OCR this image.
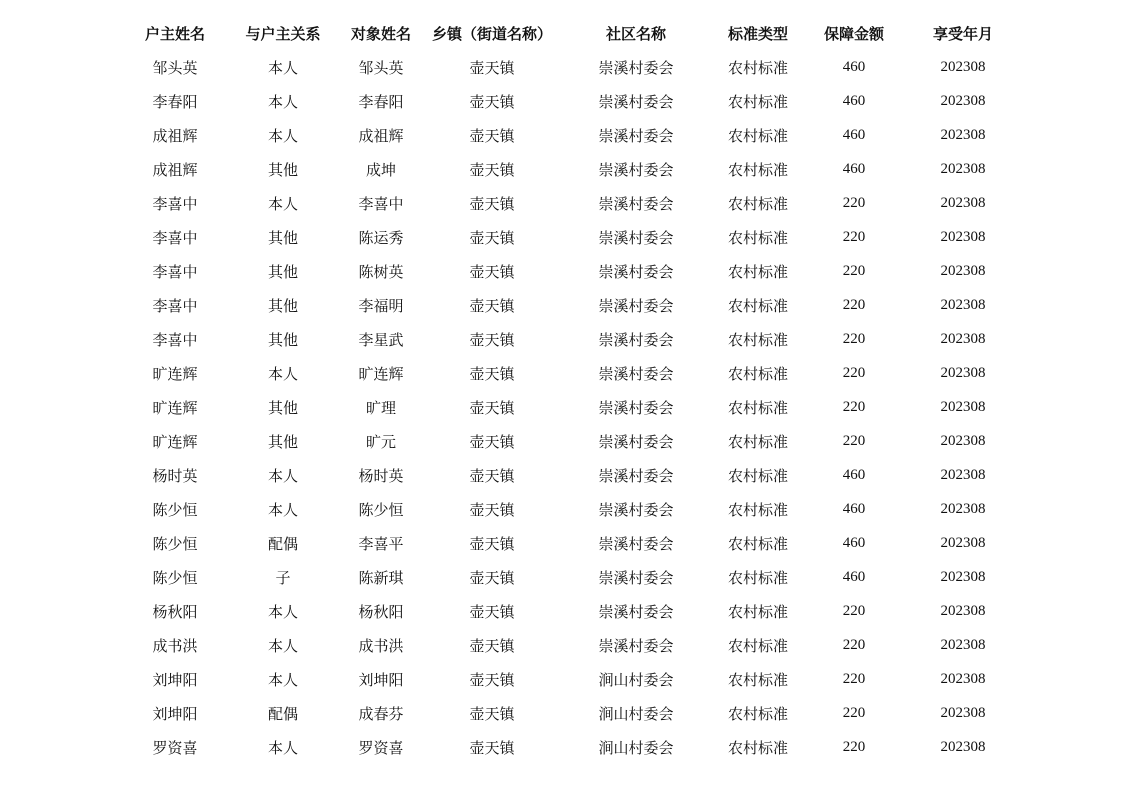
户主姓名	与户主关系	对象姓名	乡镇（街道名称）	社区名称	标准类型	保障金额	享受年月
邹头英	本人	邹头英	壶天镇	崇溪村委会	农村标准	460	202308
李春阳	本人	李春阳	壶天镇	崇溪村委会	农村标准	460	202308
成祖辉	本人	成祖辉	壶天镇	崇溪村委会	农村标准	460	202308
成祖辉	其他	成坤	壶天镇	崇溪村委会	农村标准	460	202308
李喜中	本人	李喜中	壶天镇	崇溪村委会	农村标准	220	202308
李喜中	其他	陈运秀	壶天镇	崇溪村委会	农村标准	220	202308
李喜中	其他	陈树英	壶天镇	崇溪村委会	农村标准	220	202308
李喜中	其他	李福明	壶天镇	崇溪村委会	农村标准	220	202308
李喜中	其他	李星武	壶天镇	崇溪村委会	农村标准	220	202308
旷连辉	本人	旷连辉	壶天镇	崇溪村委会	农村标准	220	202308
旷连辉	其他	旷理	壶天镇	崇溪村委会	农村标准	220	202308
旷连辉	其他	旷元	壶天镇	崇溪村委会	农村标准	220	202308
杨时英	本人	杨时英	壶天镇	崇溪村委会	农村标准	460	202308
陈少恒	本人	陈少恒	壶天镇	崇溪村委会	农村标准	460	202308
陈少恒	配偶	李喜平	壶天镇	崇溪村委会	农村标准	460	202308
陈少恒	子	陈新琪	壶天镇	崇溪村委会	农村标准	460	202308
杨秋阳	本人	杨秋阳	壶天镇	崇溪村委会	农村标准	220	202308
成书洪	本人	成书洪	壶天镇	崇溪村委会	农村标准	220	202308
刘坤阳	本人	刘坤阳	壶天镇	涧山村委会	农村标准	220	202308
刘坤阳	配偶	成春芬	壶天镇	涧山村委会	农村标准	220	202308
罗资喜	本人	罗资喜	壶天镇	涧山村委会	农村标准	220	202308
